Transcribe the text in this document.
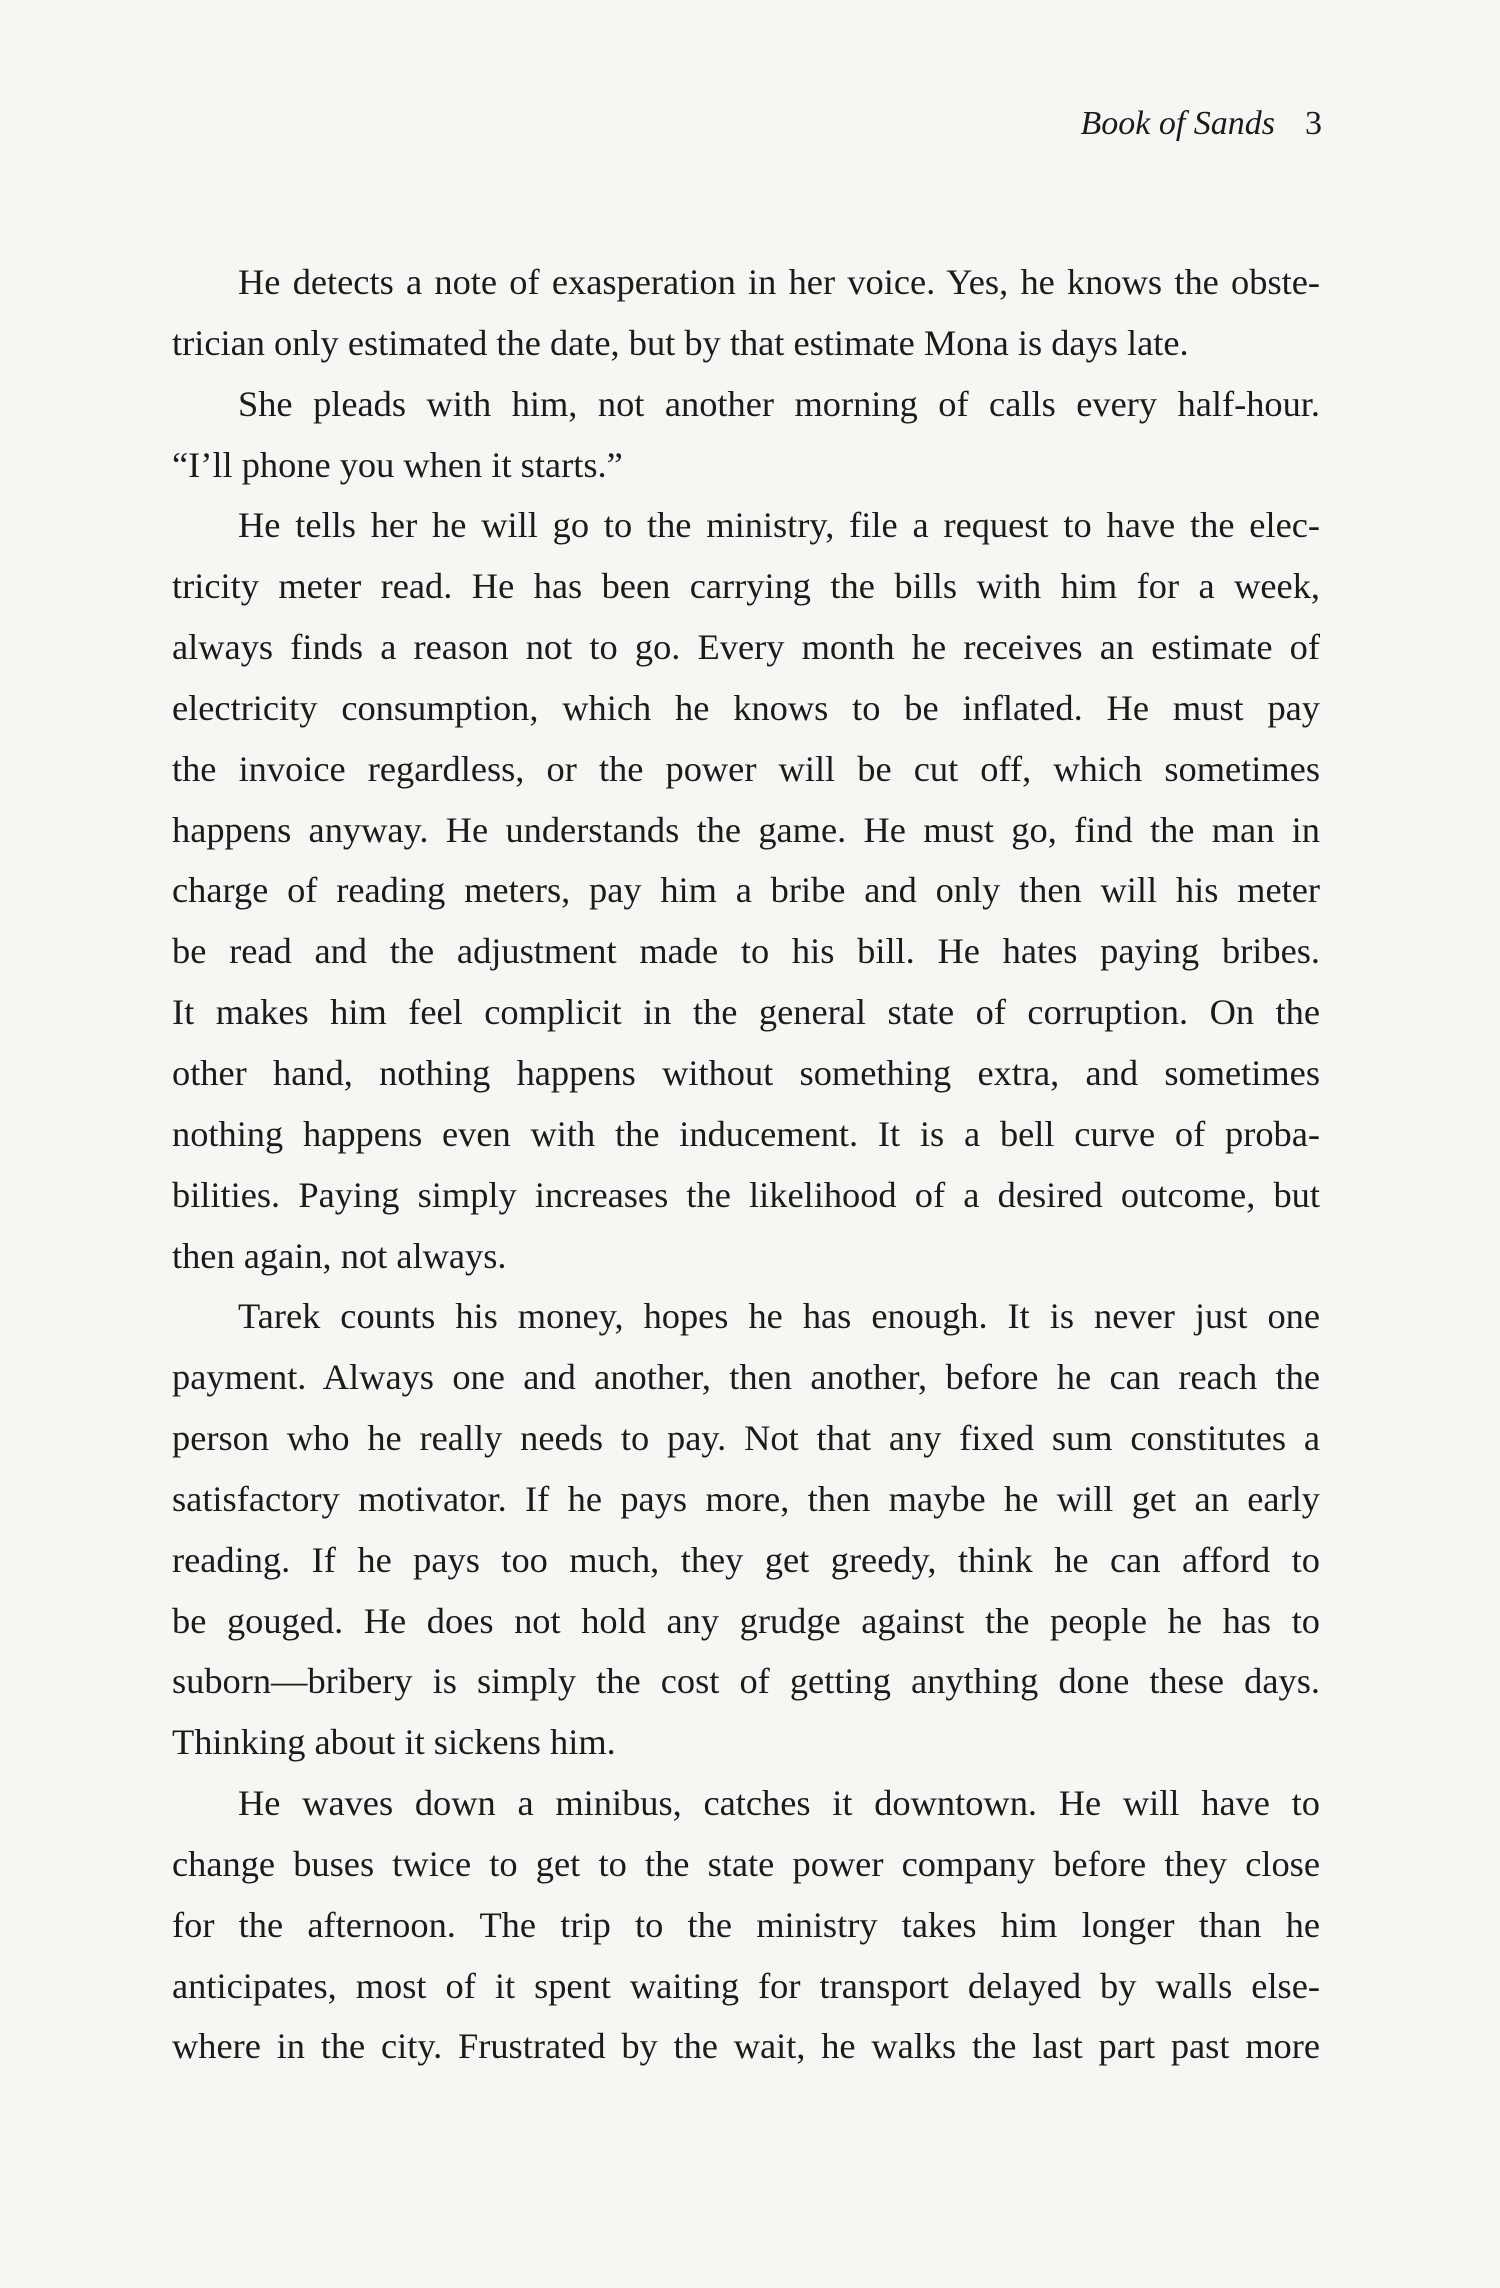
Book of Sands 3
He detects a note of exasperation in her voice. Yes, he knows the obste-
trician only estimated the date, but by that estimate Mona is days late.
She pleads with him, not another morning of calls every half-hour.
“I’ll phone you when it starts.”
He tells her he will go to the ministry, file a request to have the elec-
tricity meter read. He has been carrying the bills with him for a week,
always finds a reason not to go. Every month he receives an estimate of
electricity consumption, which he knows to be inflated. He must pay
the invoice regardless, or the power will be cut off, which sometimes
happens anyway. He understands the game. He must go, find the man in
charge of reading meters, pay him a bribe and only then will his meter
be read and the adjustment made to his bill. He hates paying bribes.
It makes him feel complicit in the general state of corruption. On the
other hand, nothing happens without something extra, and sometimes
nothing happens even with the inducement. It is a bell curve of proba-
bilities. Paying simply increases the likelihood of a desired outcome, but
then again, not always.
Tarek counts his money, hopes he has enough. It is never just one
payment. Always one and another, then another, before he can reach the
person who he really needs to pay. Not that any fixed sum constitutes a
satisfactory motivator. If he pays more, then maybe he will get an early
reading. If he pays too much, they get greedy, think he can afford to
be gouged. He does not hold any grudge against the people he has to
suborn—bribery is simply the cost of getting anything done these days.
Thinking about it sickens him.
He waves down a minibus, catches it downtown. He will have to
change buses twice to get to the state power company before they close
for the afternoon. The trip to the ministry takes him longer than he
anticipates, most of it spent waiting for transport delayed by walls else-
where in the city. Frustrated by the wait, he walks the last part past more
